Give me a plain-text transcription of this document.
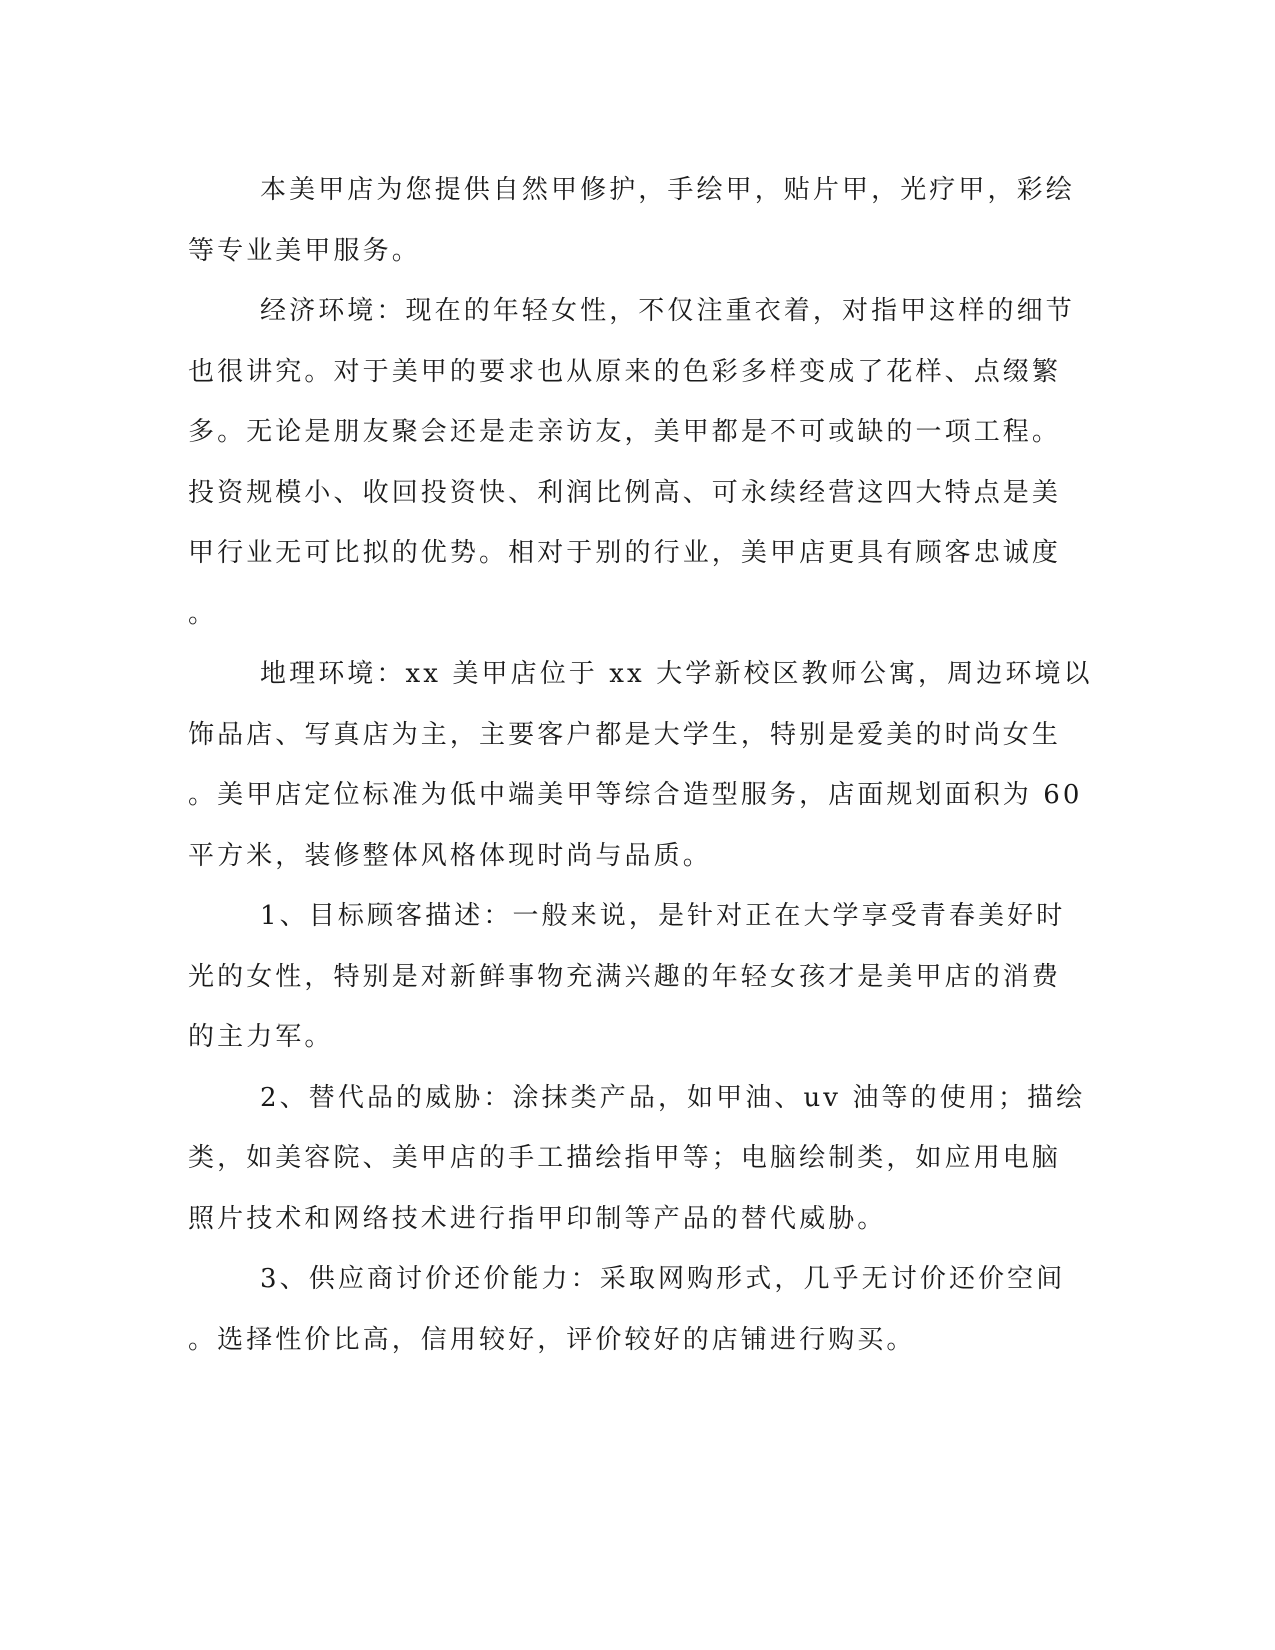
本美甲店为您提供自然甲修护，手绘甲，贴片甲，光疗甲，彩绘
等专业美甲服务。

经济环境：现在的年轻女性，不仅注重衣着，对指甲这样的细节
也很讲究。对于美甲的要求也从原来的色彩多样变成了花样、点缀繁
多。无论是朋友聚会还是走亲访友，美甲都是不可或缺的一项工程。
投资规模小、收回投资快、利润比例高、可永续经营这四大特点是美
甲行业无可比拟的优势。相对于别的行业，美甲店更具有顾客忠诚度
。

地理环境：xx 美甲店位于 xx 大学新校区教师公寓，周边环境以
饰品店、写真店为主，主要客户都是大学生，特别是爱美的时尚女生
。美甲店定位标准为低中端美甲等综合造型服务，店面规划面积为 60
平方米，装修整体风格体现时尚与品质。

1、目标顾客描述：一般来说，是针对正在大学享受青春美好时
光的女性，特别是对新鲜事物充满兴趣的年轻女孩才是美甲店的消费
的主力军。

2、替代品的威胁：涂抹类产品，如甲油、uv 油等的使用；描绘
类，如美容院、美甲店的手工描绘指甲等；电脑绘制类，如应用电脑
照片技术和网络技术进行指甲印制等产品的替代威胁。

3、供应商讨价还价能力：采取网购形式，几乎无讨价还价空间
。选择性价比高，信用较好，评价较好的店铺进行购买。
